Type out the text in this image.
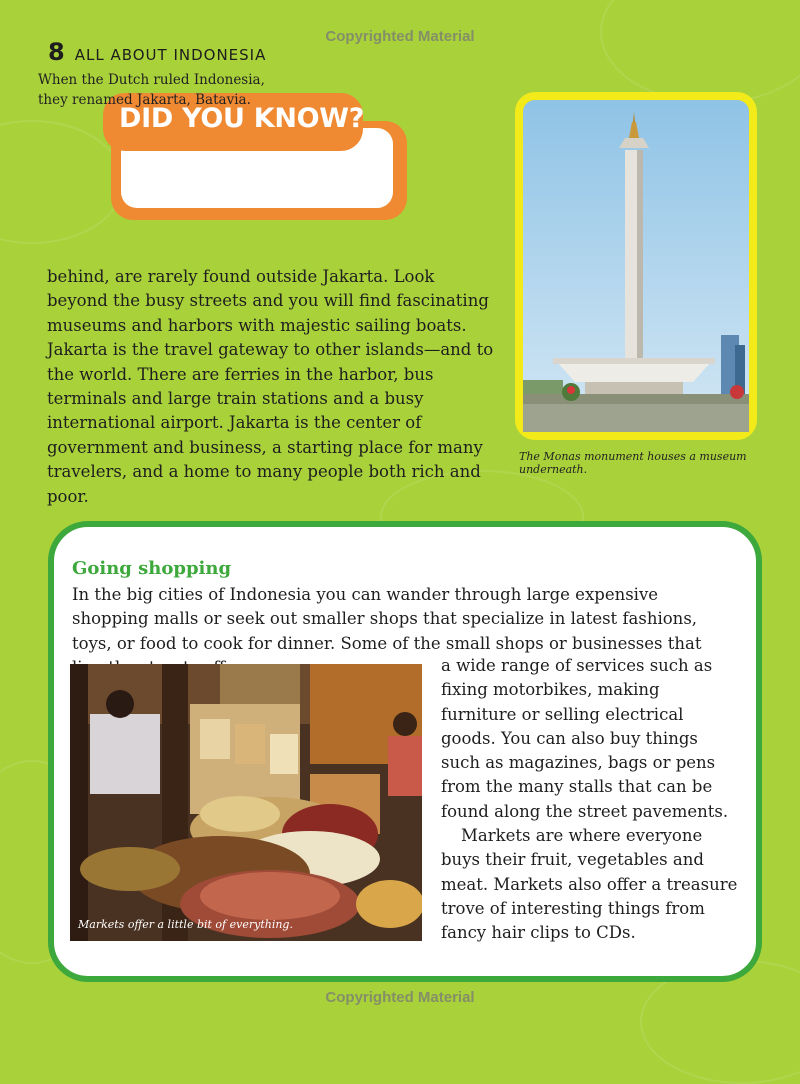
Copyrighted Material
8 ALL ABOUT INDONESIA
DID YOU KNOW?
When the Dutch ruled Indonesia, they renamed Jakarta, Batavia.
behind, are rarely found outside Jakarta. Look beyond the busy streets and you will find fascinating museums and harbors with majestic sailing boats. Jakarta is the travel gateway to other islands—and to the world. There are ferries in the harbor, bus terminals and large train stations and a busy international airport. Jakarta is the center of government and business, a starting place for many travelers, and a home to many people both rich and poor.
The Monas monument houses a museum underneath.
Going shopping
In the big cities of Indonesia you can wander through large expensive shopping malls or seek out smaller shops that specialize in latest fashions, toys, or food to cook for dinner. Some of the small shops or businesses that
Markets offer a little bit of everything.

a wide range of services such as fixing motorbikes, making furniture or selling electrical goods. You can also buy things such as magazines, bags or pens from the many stalls that can be found along the street pavements.

Markets are where everyone buys their fruit, vegetables and meat. Markets also offer a treasure trove of interesting things from fancy hair clips to CDs.

Copyrighted Material
